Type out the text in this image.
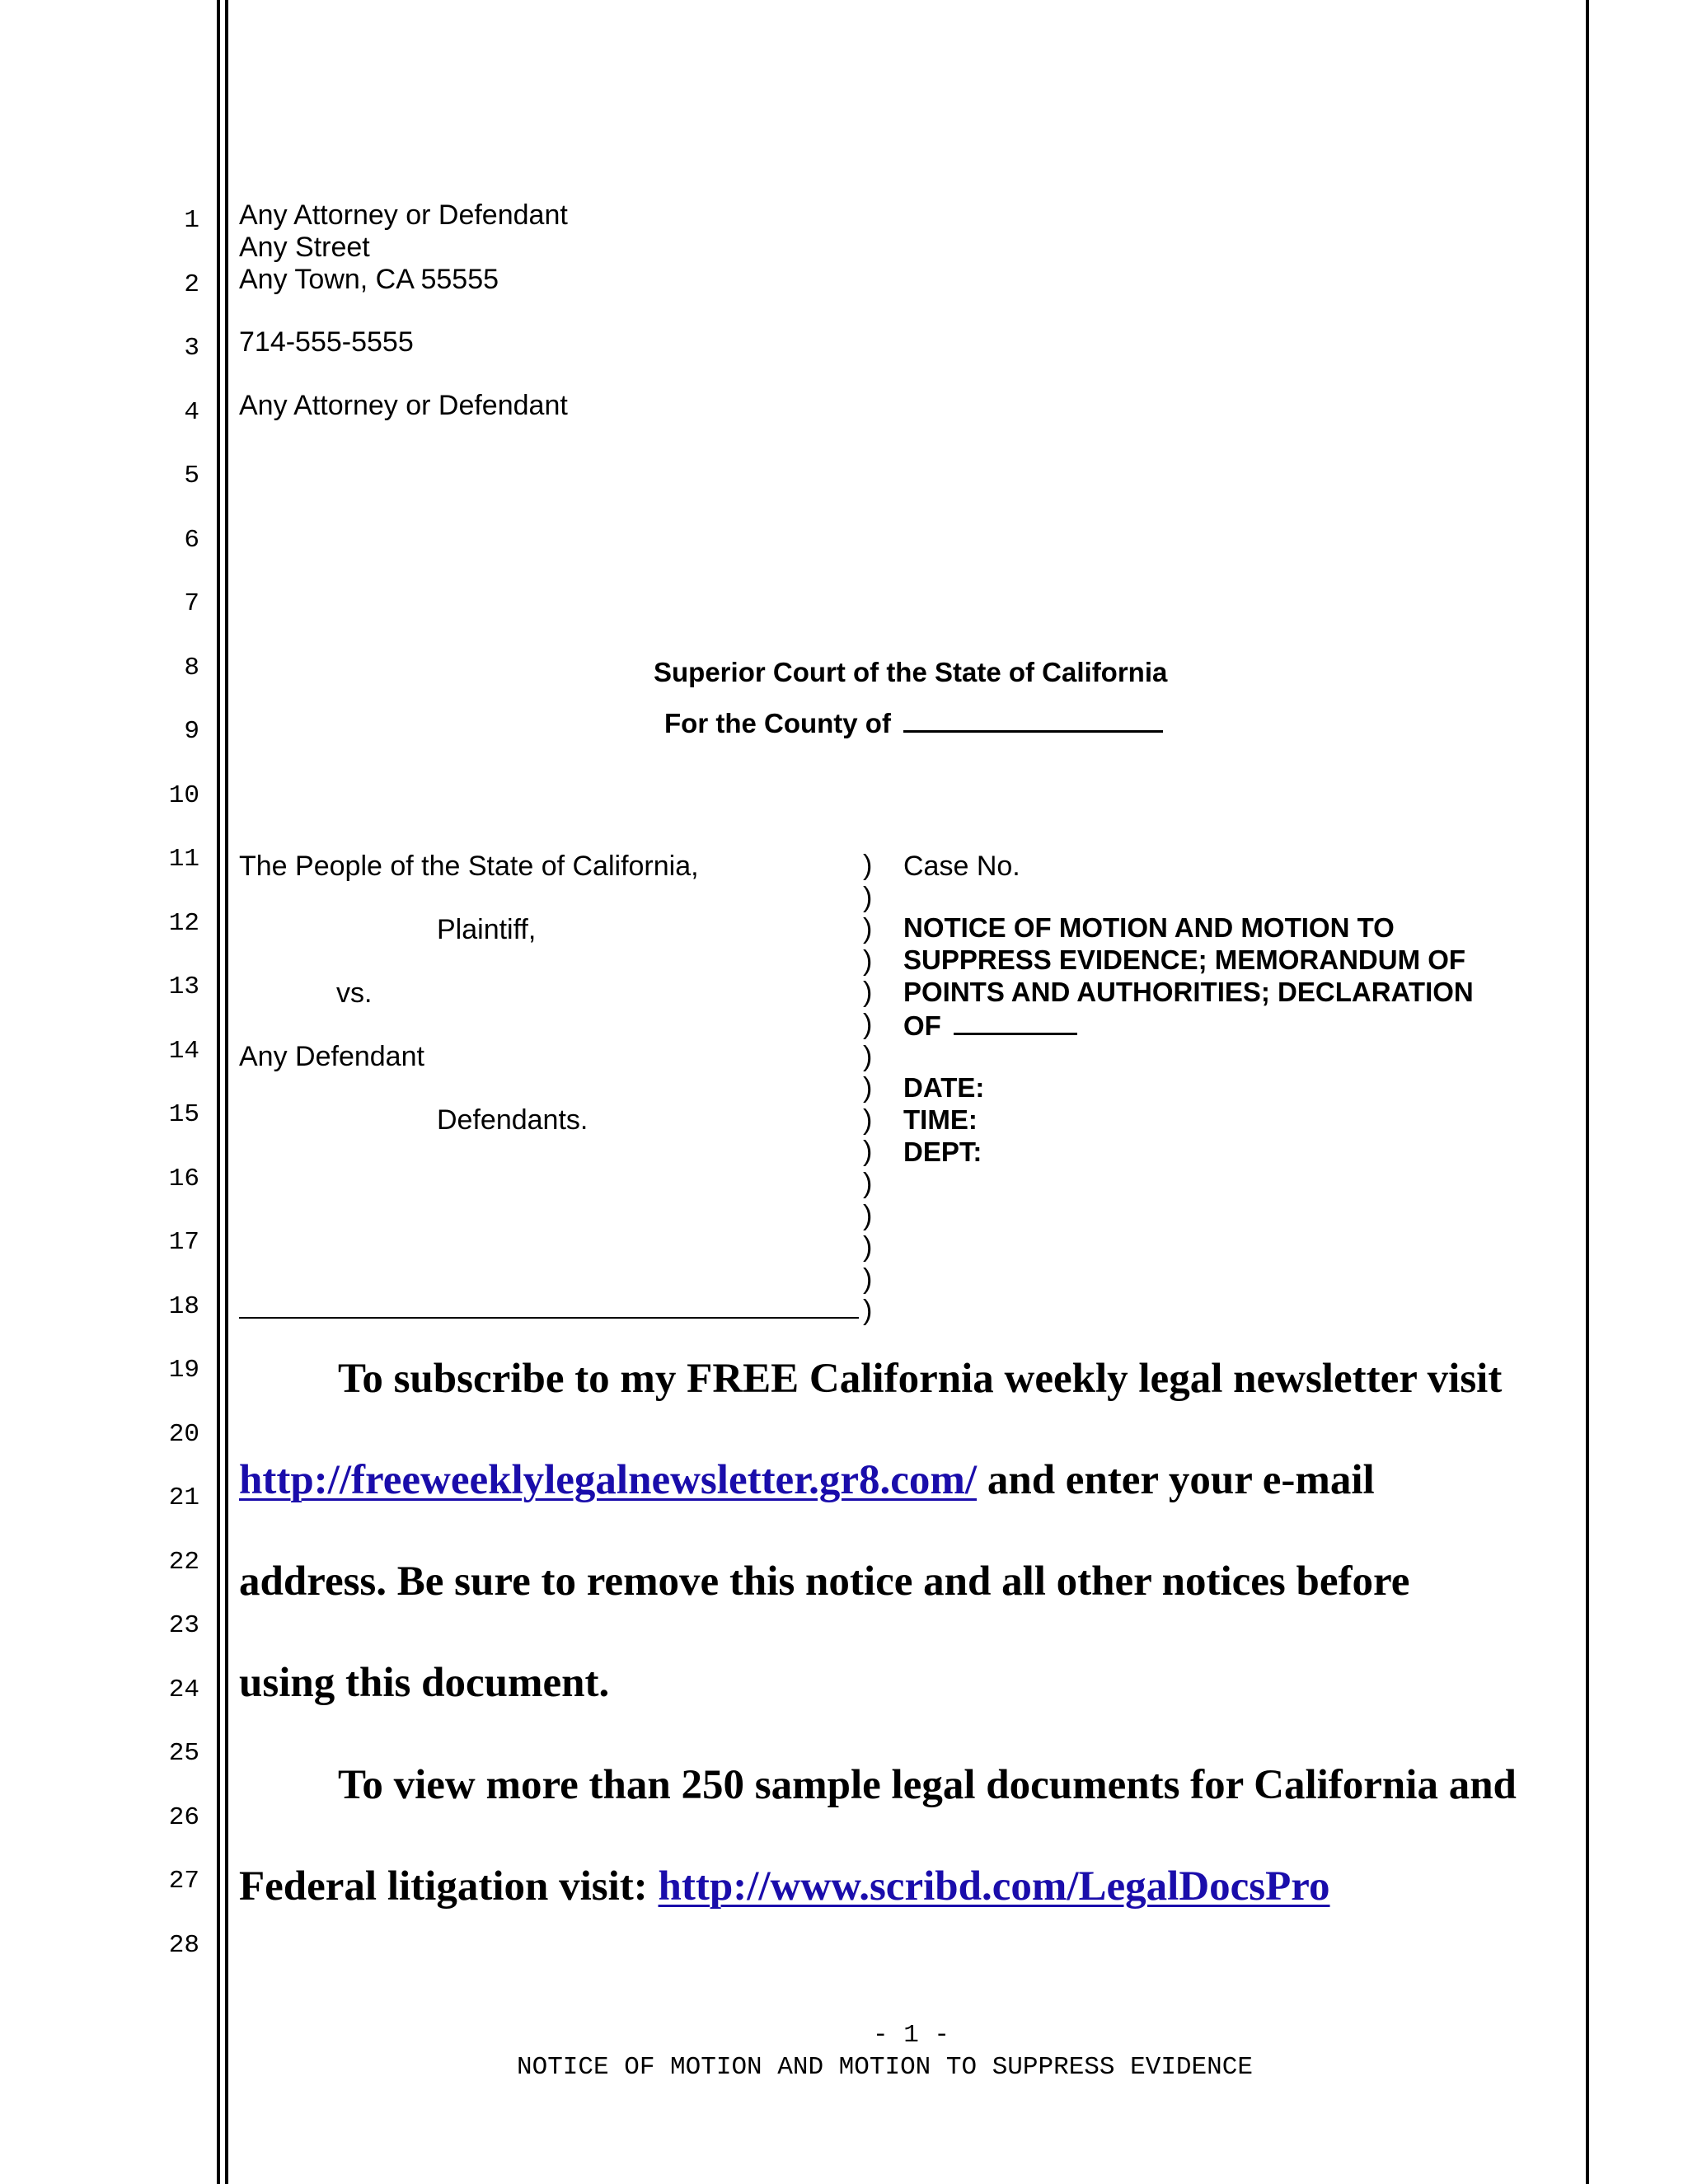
1
2
3
4
5
6
7
8
9
10
11
12
13
14
15
16
17
18
19
20
21
22
23
24
25
26
27
28
Any Attorney or Defendant
Any Street
Any Town, CA 55555
714-555-5555
Any Attorney or Defendant
Superior Court of the State of California
For the County of
The People of the State of California,
Plaintiff,
vs.
Any Defendant
Defendants.
)
)
)
)
)
)
)
)
)
)
)
)
)
)
)
Case No.
NOTICE OF MOTION AND MOTION TO
SUPPRESS EVIDENCE; MEMORANDUM OF
POINTS AND AUTHORITIES; DECLARATION
OF
DATE:
TIME:
DEPT:
To subscribe to my FREE California weekly legal newsletter visit
http://freeweeklylegalnewsletter.gr8.com/ and enter your e-mail
address. Be sure to remove this notice and all other notices before
using this document.
To view more than 250 sample legal documents for California and
Federal litigation visit: http://www.scribd.com/LegalDocsPro
- 1 -
NOTICE OF MOTION AND MOTION TO SUPPRESS EVIDENCE
